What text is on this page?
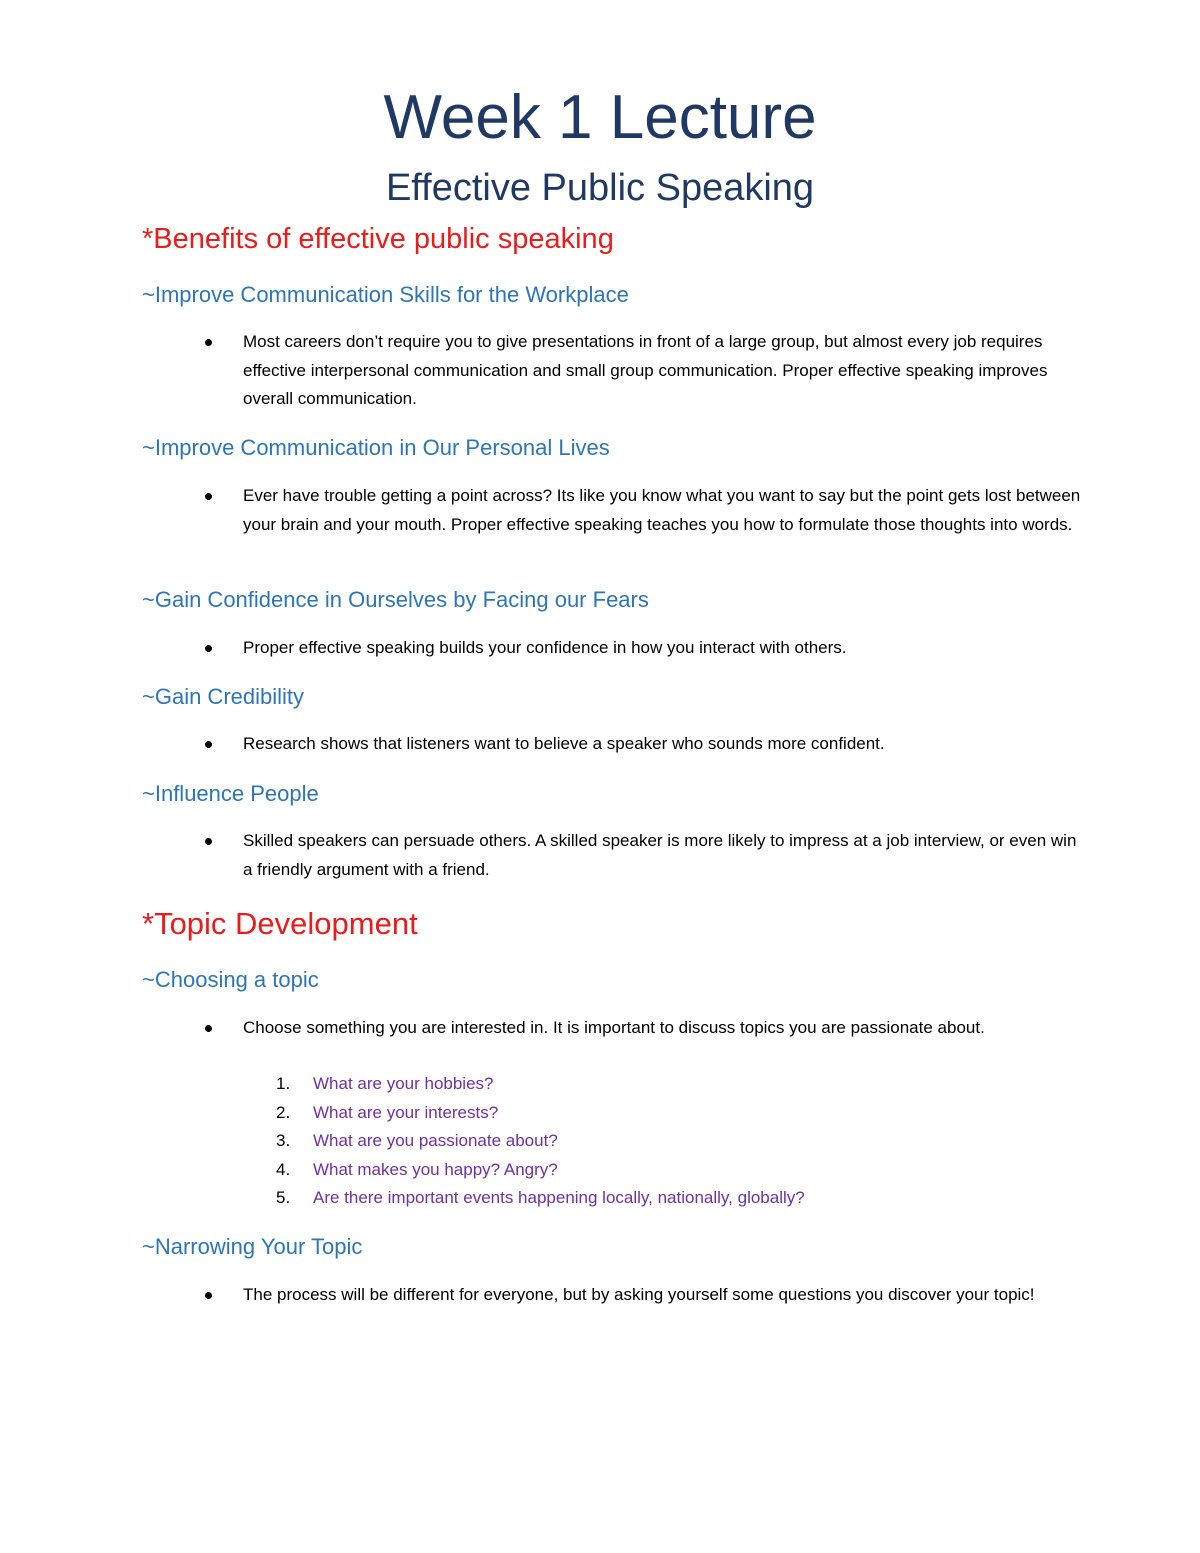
Week 1 Lecture
Effective Public Speaking
*Benefits of effective public speaking
~Improve Communication Skills for the Workplace
Most careers don’t require you to give presentations in front of a large group, but almost every job requires effective interpersonal communication and small group communication. Proper effective speaking improves overall communication.
~Improve Communication in Our Personal Lives
Ever have trouble getting a point across? Its like you know what you want to say but the point gets lost between your brain and your mouth. Proper effective speaking teaches you how to formulate those thoughts into words.
~Gain Confidence in Ourselves by Facing our Fears
Proper effective speaking builds your confidence in how you interact with others.
~Gain Credibility
Research shows that listeners want to believe a speaker who sounds more confident.
~Influence People
Skilled speakers can persuade others. A skilled speaker is more likely to impress at a job interview, or even win a friendly argument with a friend.
*Topic Development
~Choosing a topic
Choose something you are interested in. It is important to discuss topics you are passionate about.
1. What are your hobbies?
2. What are your interests?
3. What are you passionate about?
4. What makes you happy? Angry?
5. Are there important events happening locally, nationally, globally?
~Narrowing Your Topic
The process will be different for everyone, but by asking yourself some questions you discover your topic!
